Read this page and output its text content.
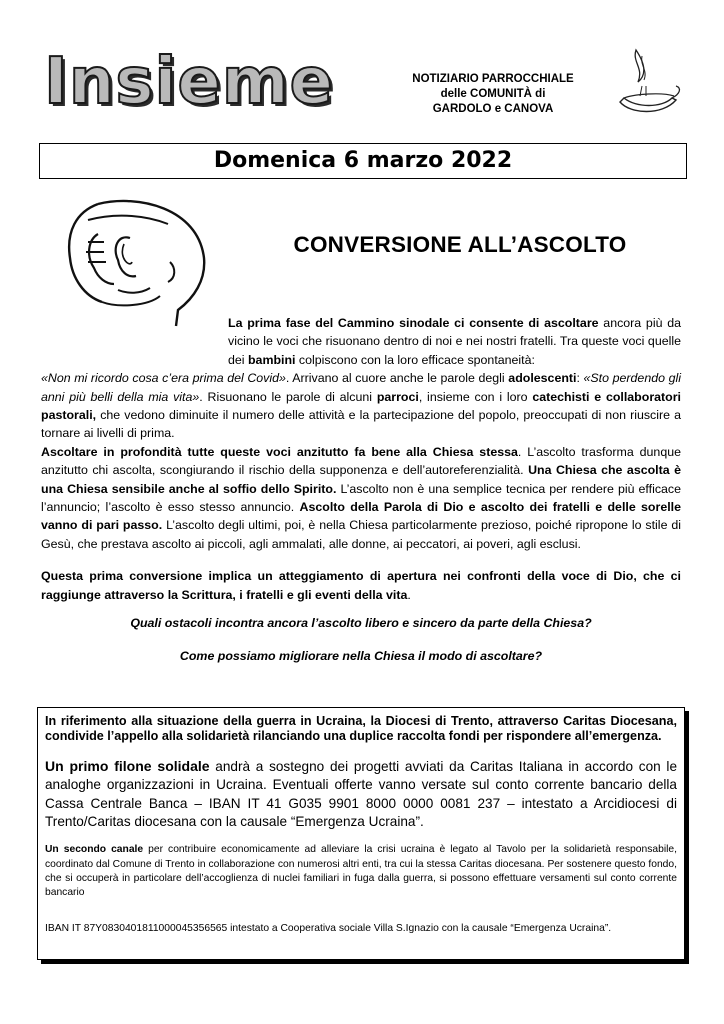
Insieme	NOTIZIARIO PARROCCHIALE
delle COMUNITÀ di
GARDOLO e CANOVA
Domenica 6 marzo 2022
CONVERSIONE ALL’ASCOLTO

La prima fase del Cammino sinodale ci consente di ascoltare ancora più da vicino le voci che risuonano dentro di noi e nei nostri fratelli. Tra queste voci quelle dei bambini colpiscono con la loro efficace spontaneità:

«Non mi ricordo cosa c’era prima del Covid». Arrivano al cuore anche le parole degli adolescenti: «Sto perdendo gli anni più belli della mia vita». Risuonano le parole di alcuni parroci, insieme con i loro catechisti e collaboratori pastorali, che vedono diminuite il numero delle attività e la partecipazione del popolo, preoccupati di non riuscire a tornare ai livelli di prima.

Ascoltare in profondità tutte queste voci anzitutto fa bene alla Chiesa stessa. L’ascolto trasforma dunque anzitutto chi ascolta, scongiurando il rischio della supponenza e dell’autoreferenzialità. Una Chiesa che ascolta è una Chiesa sensibile anche al soffio dello Spirito. L’ascolto non è una semplice tecnica per rendere più efficace l’annuncio; l’ascolto è esso stesso annuncio. Ascolto della Parola di Dio e ascolto dei fratelli e delle sorelle vanno di pari passo. L’ascolto degli ultimi, poi, è nella Chiesa particolarmente prezioso, poiché ripropone lo stile di Gesù, che prestava ascolto ai piccoli, agli ammalati, alle donne, ai peccatori, ai poveri, agli esclusi.

Questa prima conversione implica un atteggiamento di apertura nei confronti della voce di Dio, che ci raggiunge attraverso la Scrittura, i fratelli e gli eventi della vita.

Quali ostacoli incontra ancora l’ascolto libero e sincero da parte della Chiesa?

Come possiamo migliorare nella Chiesa il modo di ascoltare?

In riferimento alla situazione della guerra in Ucraina, la Diocesi di Trento, attraverso Caritas Diocesana, condivide l’appello alla solidarietà rilanciando una duplice raccolta fondi per rispondere all’emergenza.

Un primo filone solidale andrà a sostegno dei progetti avviati da Caritas Italiana in accordo con le analoghe organizzazioni in Ucraina. Eventuali offerte vanno versate sul conto corrente bancario della Cassa Centrale Banca – IBAN IT 41 G035 9901 8000 0000 0081 237 – intestato a Arcidiocesi di Trento/Caritas diocesana con la causale “Emergenza Ucraina”.

Un secondo canale per contribuire economicamente ad alleviare la crisi ucraina è legato al Tavolo per la solidarietà responsabile, coordinato dal Comune di Trento in collaborazione con numerosi altri enti, tra cui la stessa Caritas diocesana. Per sostenere questo fondo, che si occuperà in particolare dell’accoglienza di nuclei familiari in fuga dalla guerra, si possono effettuare versamenti sul conto corrente bancario

IBAN IT 87Y0830401811000045356565 intestato a Cooperativa sociale Villa S.Ignazio con la causale “Emergenza Ucraina”.
